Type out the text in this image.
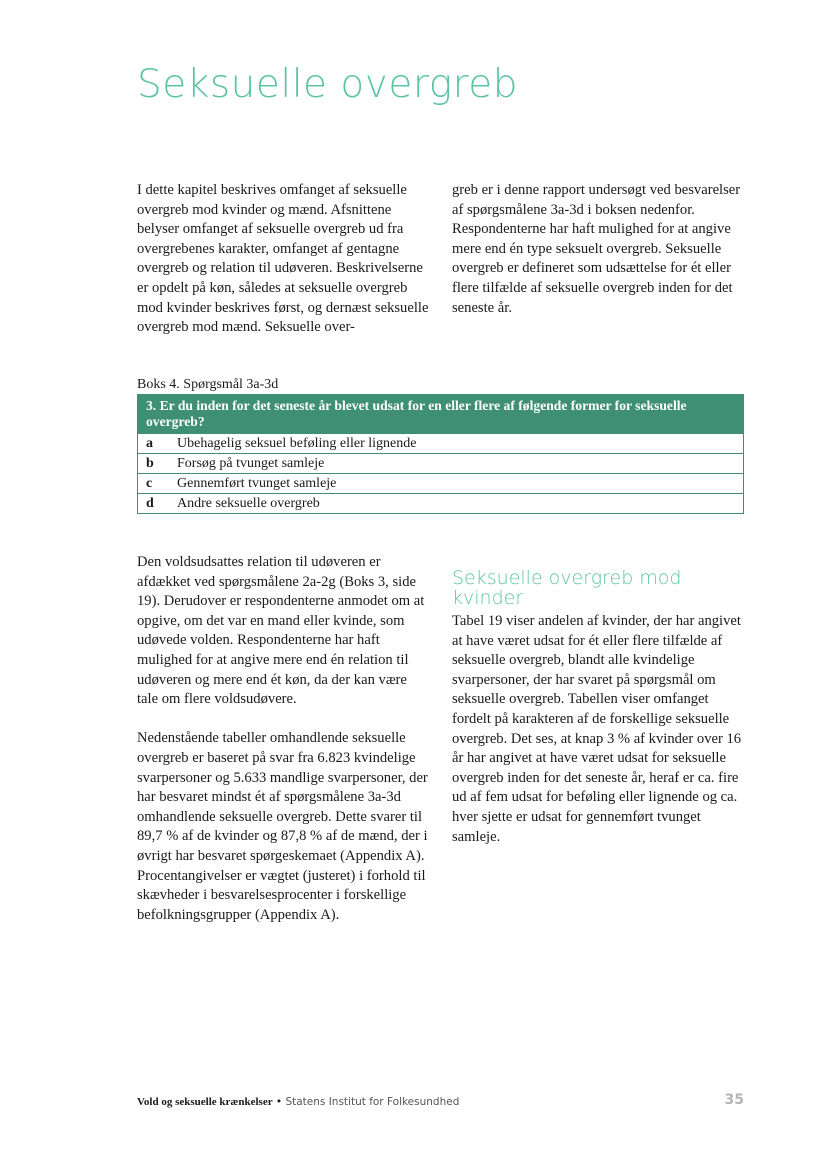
Seksuelle overgreb

I dette kapitel beskrives omfanget af seksuelle overgreb mod kvinder og mænd. Afsnittene belyser omfanget af seksuelle overgreb ud fra overgrebenes karakter, omfanget af gentagne overgreb og relation til udøveren. Beskrivelserne er opdelt på køn, således at seksuelle overgreb mod kvinder beskrives først, og dernæst seksuelle overgreb mod mænd. Seksuelle over-

greb er i denne rapport undersøgt ved besvarelser af spørgsmålene 3a-3d i boksen nedenfor. Respondenterne har haft mulighed for at angive mere end én type seksuelt overgreb. Seksuelle overgreb er defineret som udsættelse for ét eller flere tilfælde af seksuelle overgreb inden for det seneste år.

Boks 4. Spørgsmål 3a-3d
3. Er du inden for det seneste år blevet udsat for en eller flere af følgende former for seksuelle overgreb?
a	Ubehagelig seksuel beføling eller lignende
b	Forsøg på tvunget samleje
c	Gennemført tvunget samleje
d	Andre seksuelle overgreb

Den voldsudsattes relation til udøveren er afdækket ved spørgsmålene 2a-2g (Boks 3, side 19). Derudover er respondenterne anmodet om at opgive, om det var en mand eller kvinde, som udøvede volden. Respondenterne har haft mulighed for at angive mere end én relation til udøveren og mere end ét køn, da der kan være tale om flere voldsudøvere.

Nedenstående tabeller omhandlende seksuelle overgreb er baseret på svar fra 6.823 kvindelige svarpersoner og 5.633 mandlige svarpersoner, der har besvaret mindst ét af spørgsmålene 3a-3d omhandlende seksuelle overgreb. Dette svarer til 89,7 % af de kvinder og 87,8 % af de mænd, der i øvrigt har besvaret spørgeskemaet (Appendix A). Procentangivelser er vægtet (justeret) i forhold til skævheder i besvarelsesprocenter i forskellige befolkningsgrupper (Appendix A).

Seksuelle overgreb mod kvinder

Tabel 19 viser andelen af kvinder, der har angivet at have været udsat for ét eller flere tilfælde af seksuelle overgreb, blandt alle kvindelige svarpersoner, der har svaret på spørgsmål om seksuelle overgreb. Tabellen viser omfanget fordelt på karakteren af de forskellige seksuelle overgreb. Det ses, at knap 3 % af kvinder over 16 år har angivet at have været udsat for seksuelle overgreb inden for det seneste år, heraf er ca. fire ud af fem udsat for beføling eller lignende og ca. hver sjette er udsat for gennemført tvunget samleje.

Vold og seksuelle krænkelser • Statens Institut for Folkesundhed	35
